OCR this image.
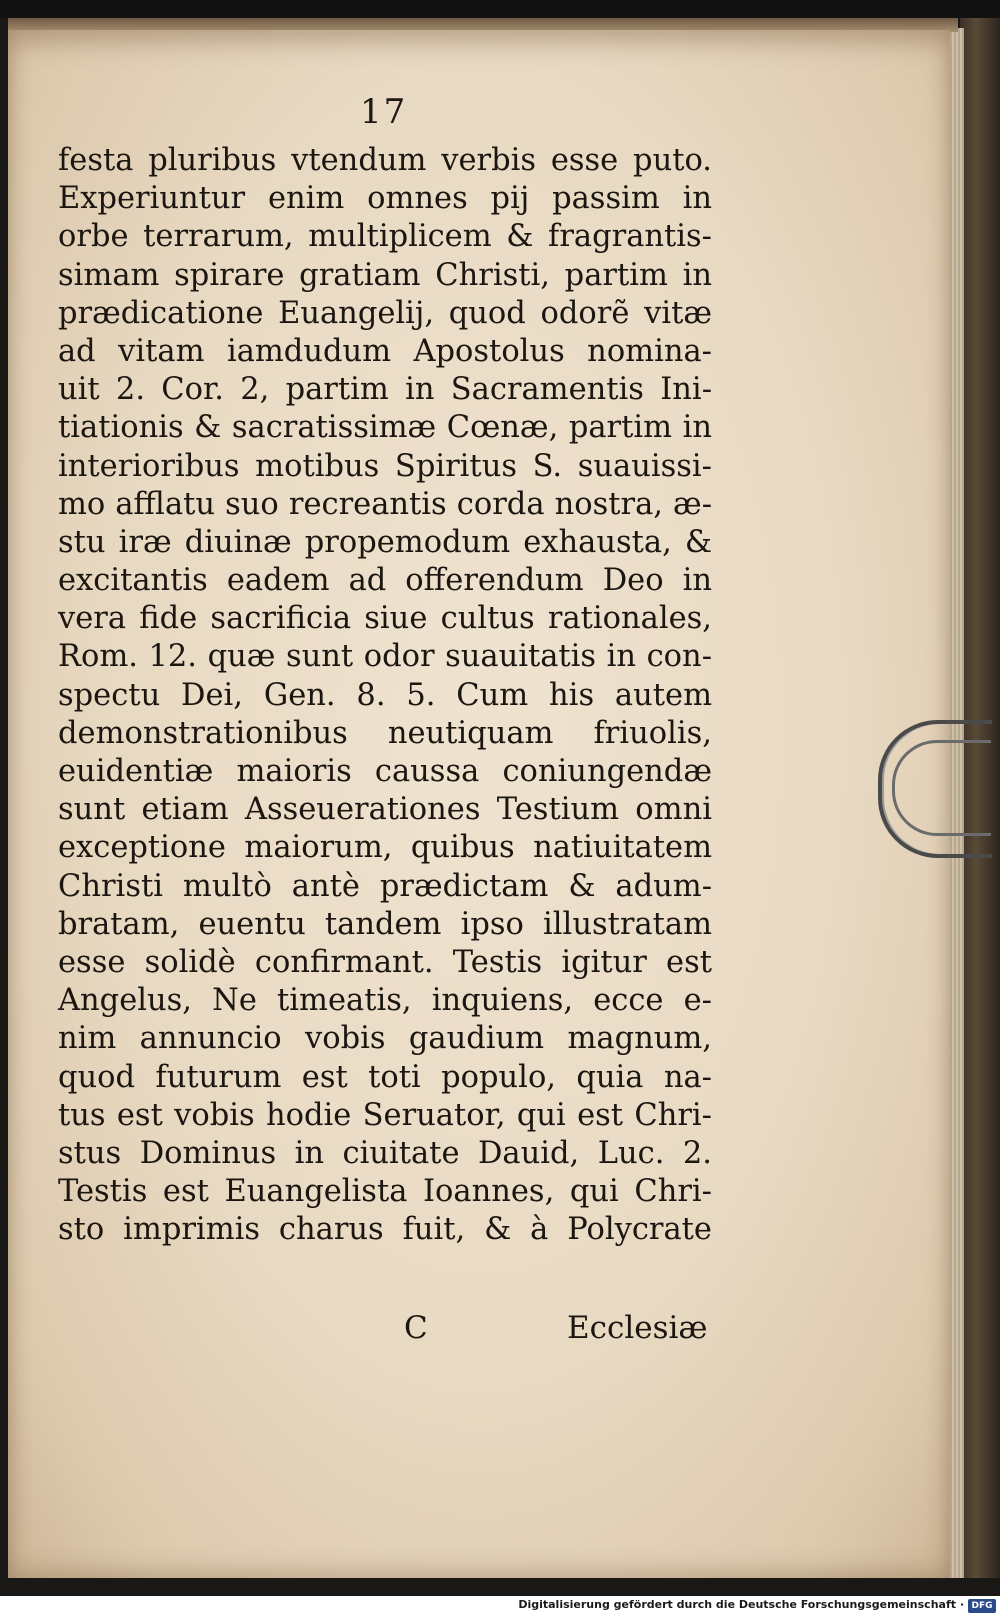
17
festa pluribus vtendum verbis esse puto.
Experiuntur enim omnes pij passim in
orbe terrarum, multiplicem & fragrantis-
simam spirare gratiam Christi, partim in
prædicatione Euangelij, quod odorẽ vitæ
ad vitam iamdudum Apostolus nomina-
uit 2. Cor. 2, partim in Sacramentis Ini-
tiationis & sacratissimæ Cœnæ, partim in
interioribus motibus Spiritus S. suauissi-
mo afflatu suo recreantis corda nostra, æ-
stu iræ diuinæ propemodum exhausta, &
excitantis eadem ad offerendum Deo in
vera fide sacrificia siue cultus rationales,
Rom. 12. quæ sunt odor suauitatis in con-
spectu Dei, Gen. 8. 5. Cum his autem
demonstrationibus neutiquam friuolis,
euidentiæ maioris caussa coniungendæ
sunt etiam Asseuerationes Testium omni
exceptione maiorum, quibus natiuitatem
Christi multò antè prædictam & adum-
bratam, euentu tandem ipso illustratam
esse solidè confirmant. Testis igitur est
Angelus, Ne timeatis, inquiens, ecce e-
nim annuncio vobis gaudium magnum,
quod futurum est toti populo, quia na-
tus est vobis hodie Seruator, qui est Chri-
stus Dominus in ciuitate Dauid, Luc. 2.
Testis est Euangelista Ioannes, qui Chri-
sto imprimis charus fuit, & à Polycrate
C	Ecclesiæ
Digitalisierung gefördert durch die Deutsche Forschungsgemeinschaft · DFG
